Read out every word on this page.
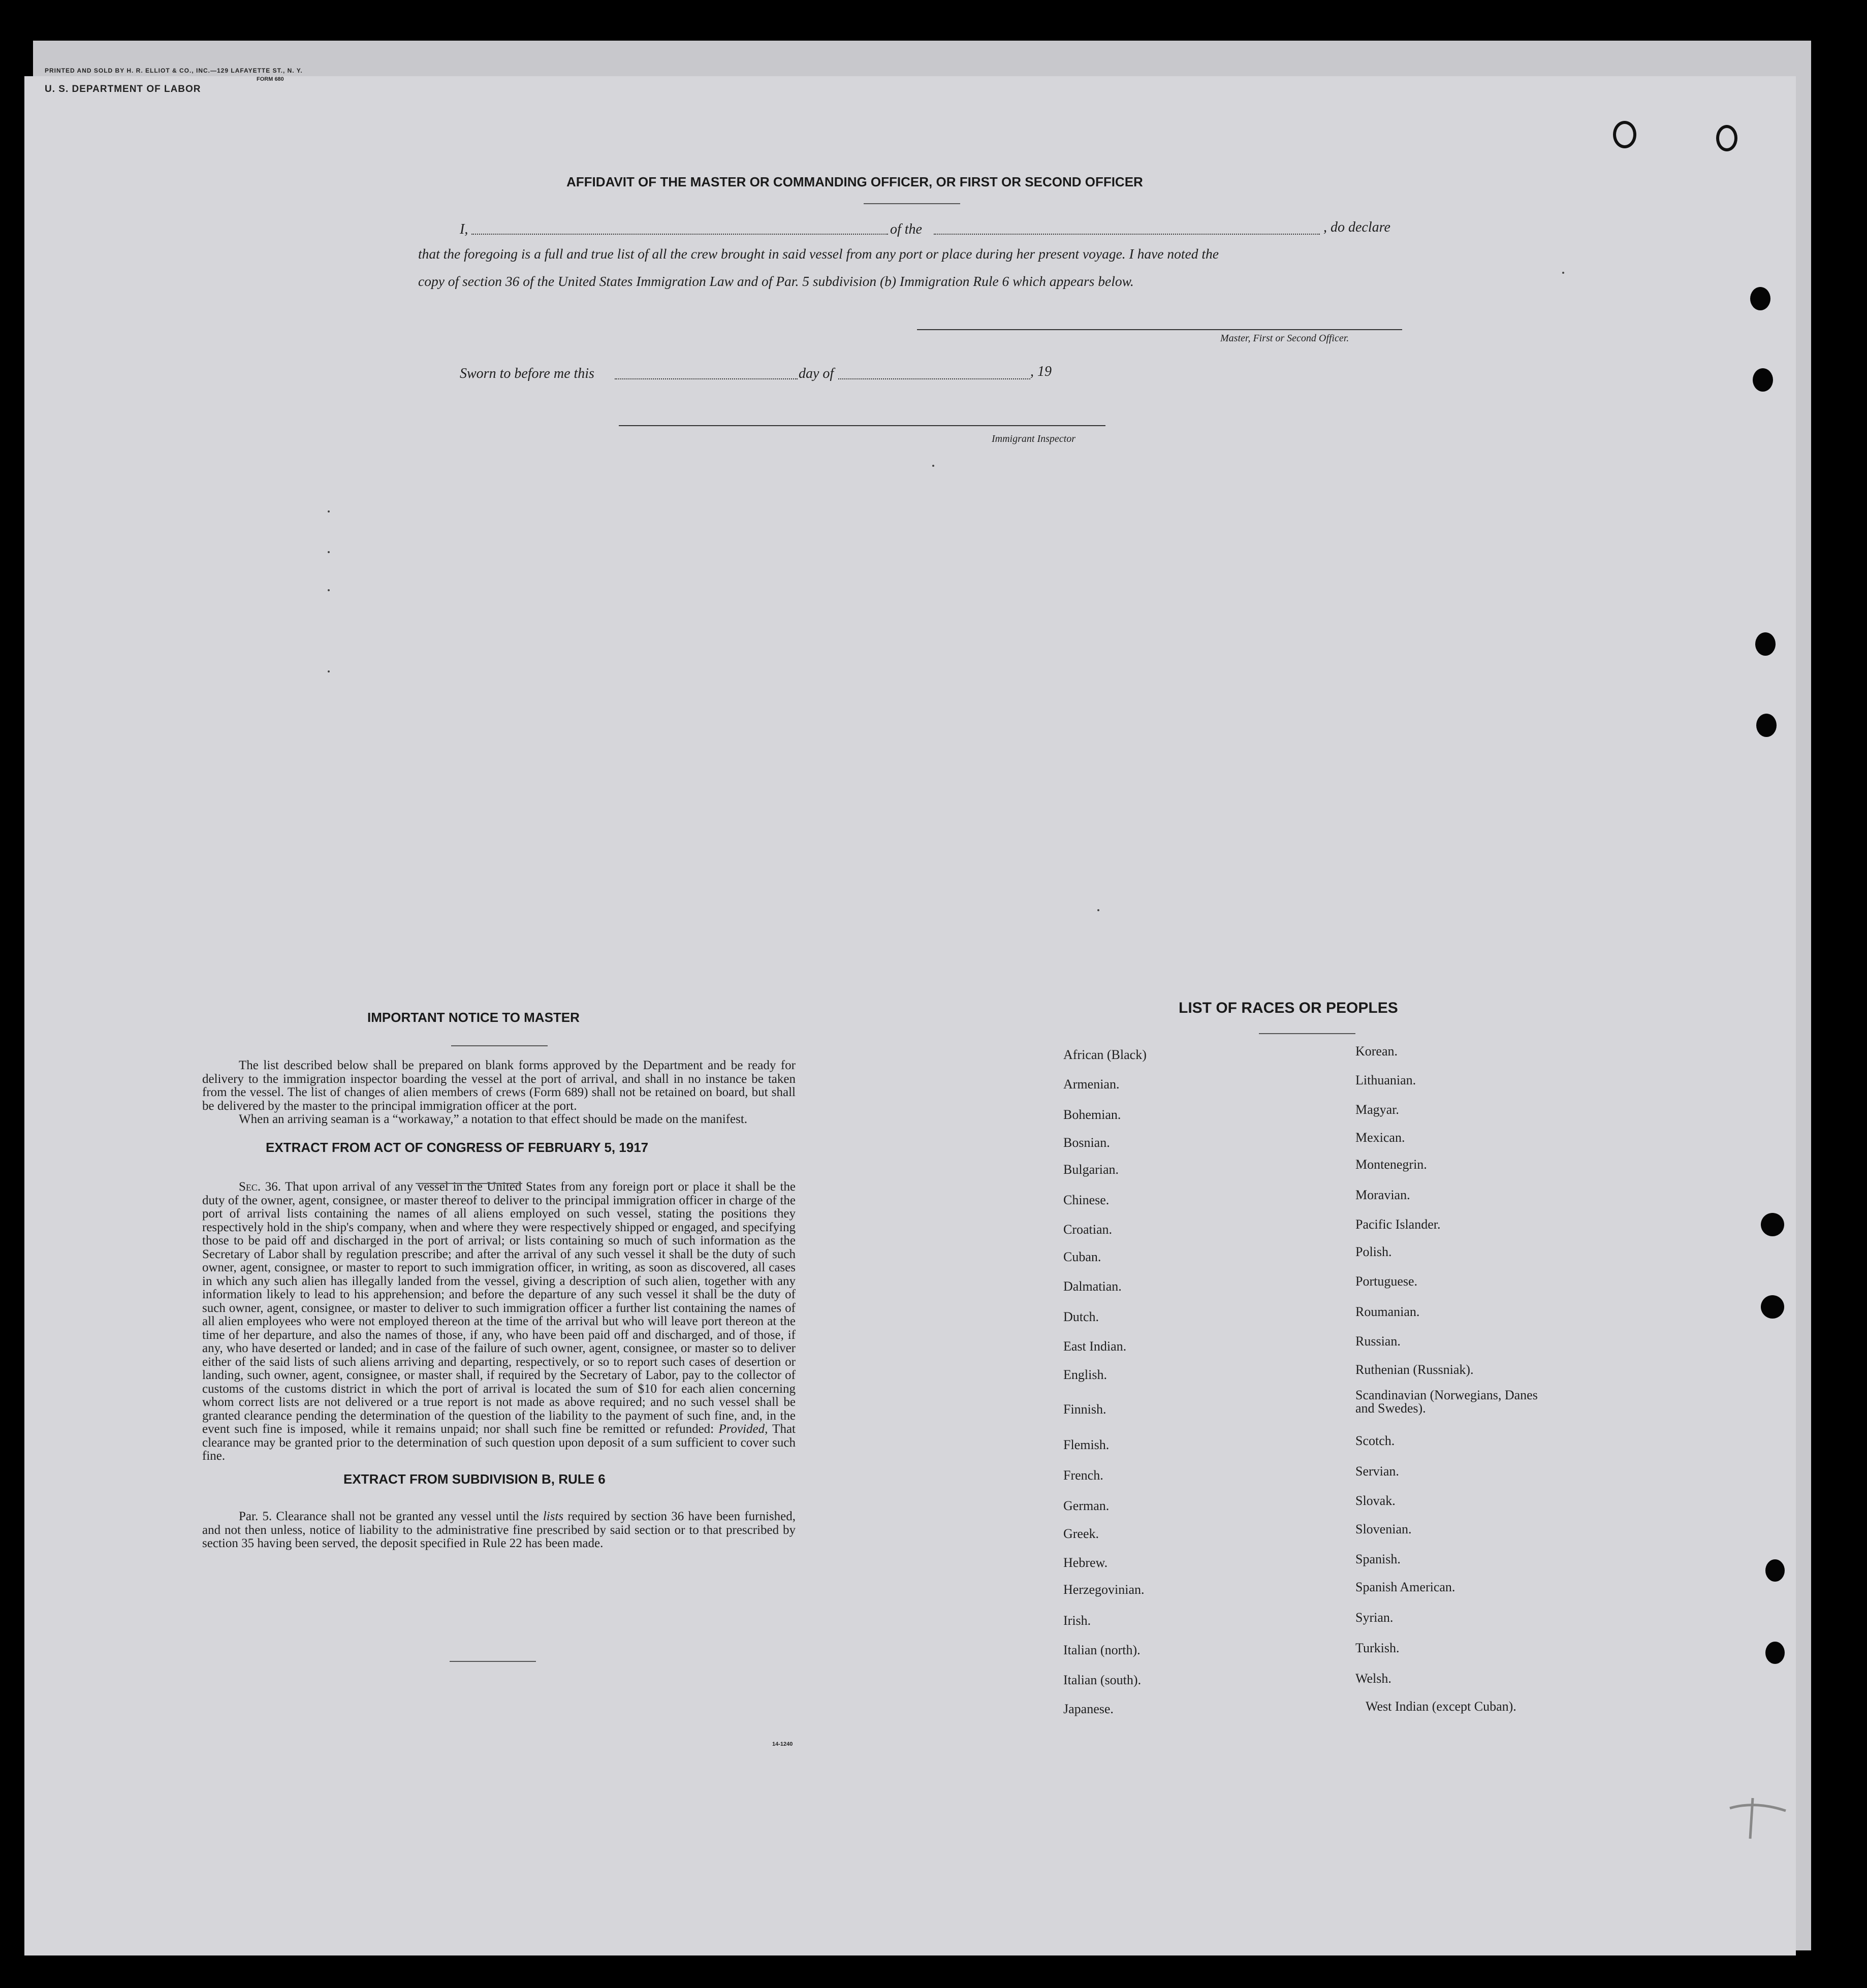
PRINTED AND SOLD BY H. R. ELLIOT & CO., INC.—129 LAFAYETTE ST., N. Y.
FORM 680
U. S. DEPARTMENT OF LABOR
AFFIDAVIT OF THE MASTER OR COMMANDING OFFICER, OR FIRST OR SECOND OFFICER
I,	of the	, do declare
that the foregoing is a full and true list of all the crew brought in said vessel from any port or place during her present voyage. I have noted the
copy of section 36 of the United States Immigration Law and of Par. 5 subdivision (b) Immigration Rule 6 which appears below.
Master, First or Second Officer.
Sworn to before me this	day of	, 19
Immigrant Inspector
IMPORTANT NOTICE TO MASTER

The list described below shall be prepared on blank forms approved by the Department and be ready for delivery to the immigration inspector boarding the vessel at the port of arrival, and shall in no instance be taken from the vessel. The list of changes of alien members of crews (Form 689) shall not be retained on board, but shall be delivered by the master to the principal immigration officer at the port.

When an arriving seaman is a “workaway,” a notation to that effect should be made on the manifest.

EXTRACT FROM ACT OF CONGRESS OF FEBRUARY 5, 1917

Sec. 36. That upon arrival of any vessel in the United States from any foreign port or place it shall be the duty of the owner, agent, consignee, or master thereof to deliver to the principal immigration officer in charge of the port of arrival lists containing the names of all aliens employed on such vessel, stating the positions they respectively hold in the ship's company, when and where they were respectively shipped or engaged, and specifying those to be paid off and discharged in the port of arrival; or lists containing so much of such information as the Secretary of Labor shall by regulation prescribe; and after the arrival of any such vessel it shall be the duty of such owner, agent, consignee, or master to report to such immigration officer, in writing, as soon as discovered, all cases in which any such alien has illegally landed from the vessel, giving a description of such alien, together with any information likely to lead to his apprehension; and before the departure of any such vessel it shall be the duty of such owner, agent, consignee, or master to deliver to such immigration officer a further list containing the names of all alien employees who were not employed thereon at the time of the arrival but who will leave port thereon at the time of her departure, and also the names of those, if any, who have been paid off and discharged, and of those, if any, who have deserted or landed; and in case of the failure of such owner, agent, consignee, or master so to deliver either of the said lists of such aliens arriving and departing, respectively, or so to report such cases of desertion or landing, such owner, agent, consignee, or master shall, if required by the Secretary of Labor, pay to the collector of customs of the customs district in which the port of arrival is located the sum of $10 for each alien concerning whom correct lists are not delivered or a true report is not made as above required; and no such vessel shall be granted clearance pending the determination of the question of the liability to the payment of such fine, and, in the event such fine is imposed, while it remains unpaid; nor shall such fine be remitted or refunded: Provided, That clearance may be granted prior to the determination of such question upon deposit of a sum sufficient to cover such fine.

EXTRACT FROM SUBDIVISION B, RULE 6

Par. 5. Clearance shall not be granted any vessel until the lists required by section 36 have been furnished, and not then unless, notice of liability to the administrative fine prescribed by said section or to that prescribed by section 35 having been served, the deposit specified in Rule 22 has been made.

14-1240
LIST OF RACES OR PEOPLES
African (Black)
Armenian.
Bohemian.
Bosnian.
Bulgarian.
Chinese.
Croatian.
Cuban.
Dalmatian.
Dutch.
East Indian.
English.
Finnish.
Flemish.
French.
German.
Greek.
Hebrew.
Herzegovinian.
Irish.
Italian (north).
Italian (south).
Japanese.
Korean.
Lithuanian.
Magyar.
Mexican.
Montenegrin.
Moravian.
Pacific Islander.
Polish.
Portuguese.
Roumanian.
Russian.
Ruthenian (Russniak).
Scandinavian (Norwegians, Danes and Swedes).
Scotch.
Servian.
Slovak.
Slovenian.
Spanish.
Spanish American.
Syrian.
Turkish.
Welsh.
West Indian (except Cuban).
